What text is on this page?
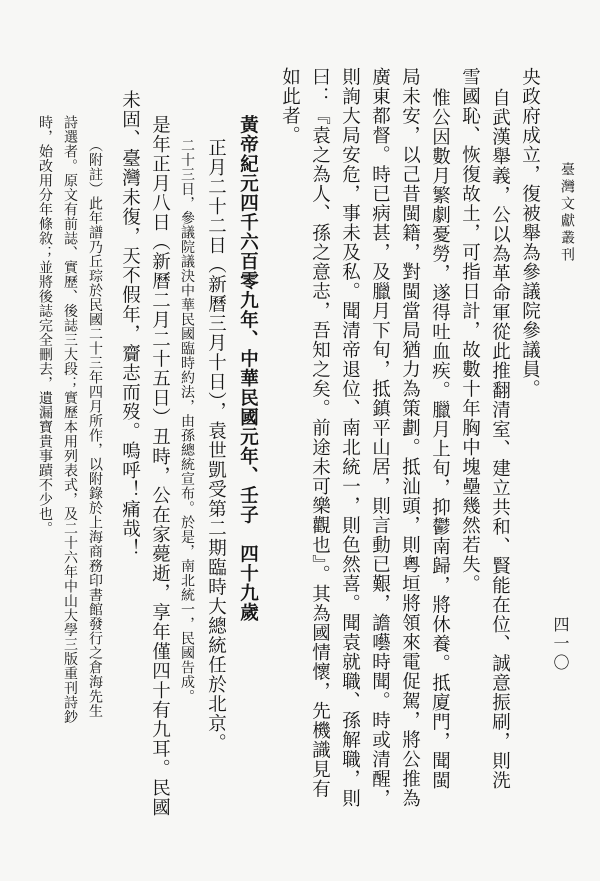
臺灣文獻叢刊
四一〇
央政府成立，復被舉為參議院參議員。
自武漢舉義，公以為革命軍從此推翻清室、建立共和、賢能在位、誠意振刷，則洗
雪國恥、恢復故土，可指日計，故數十年胸中塊壘幾然若失。
惟公因數月繁劇憂勞，遂得吐血疾。臘月上旬，抑鬱南歸，將休養。抵廈門，聞閩
局未安，以己昔閩籍，對閩當局猶力為策劃。抵汕頭，則粵垣將領來電促駕，將公推為
廣東都督。時已病甚，及臘月下旬，抵鎮平山居，則言動已艱，譫囈時聞。時或清醒，
則詢大局安危，事未及私。聞清帝退位、南北統一，則色然喜。聞袁就職、孫解職，則
曰：『袁之為人、孫之意志，吾知之矣。前途未可樂觀也』。其為國情懷，先機識見有
如此者。
黃帝紀元四千六百零九年、中華民國元年、壬子　四十九歲
正月二十二日（新曆三月十日），袁世凱受第二期臨時大總統任於北京。
二十三日，參議院議決中華民國臨時約法，由孫總統宣布。於是，南北統一，民國告成。
是年正月八日（新曆二月二十五日）丑時，公在家薨逝，享年僅四十有九耳。民國
未固、臺灣未復，天不假年，齎志而歿。嗚呼！痛哉！
（附註）此年譜乃丘琮於民國二十三年四月所作，以附錄於上海商務印書館發行之倉海先生
詩選者。原文有前誌、實歷、後誌三大段；實歷本用列表式，及二十六年中山大學三版重刊詩鈔
時，始改用分年條敘；並將後誌完全刪去，遺漏寶貴事蹟不少也。
